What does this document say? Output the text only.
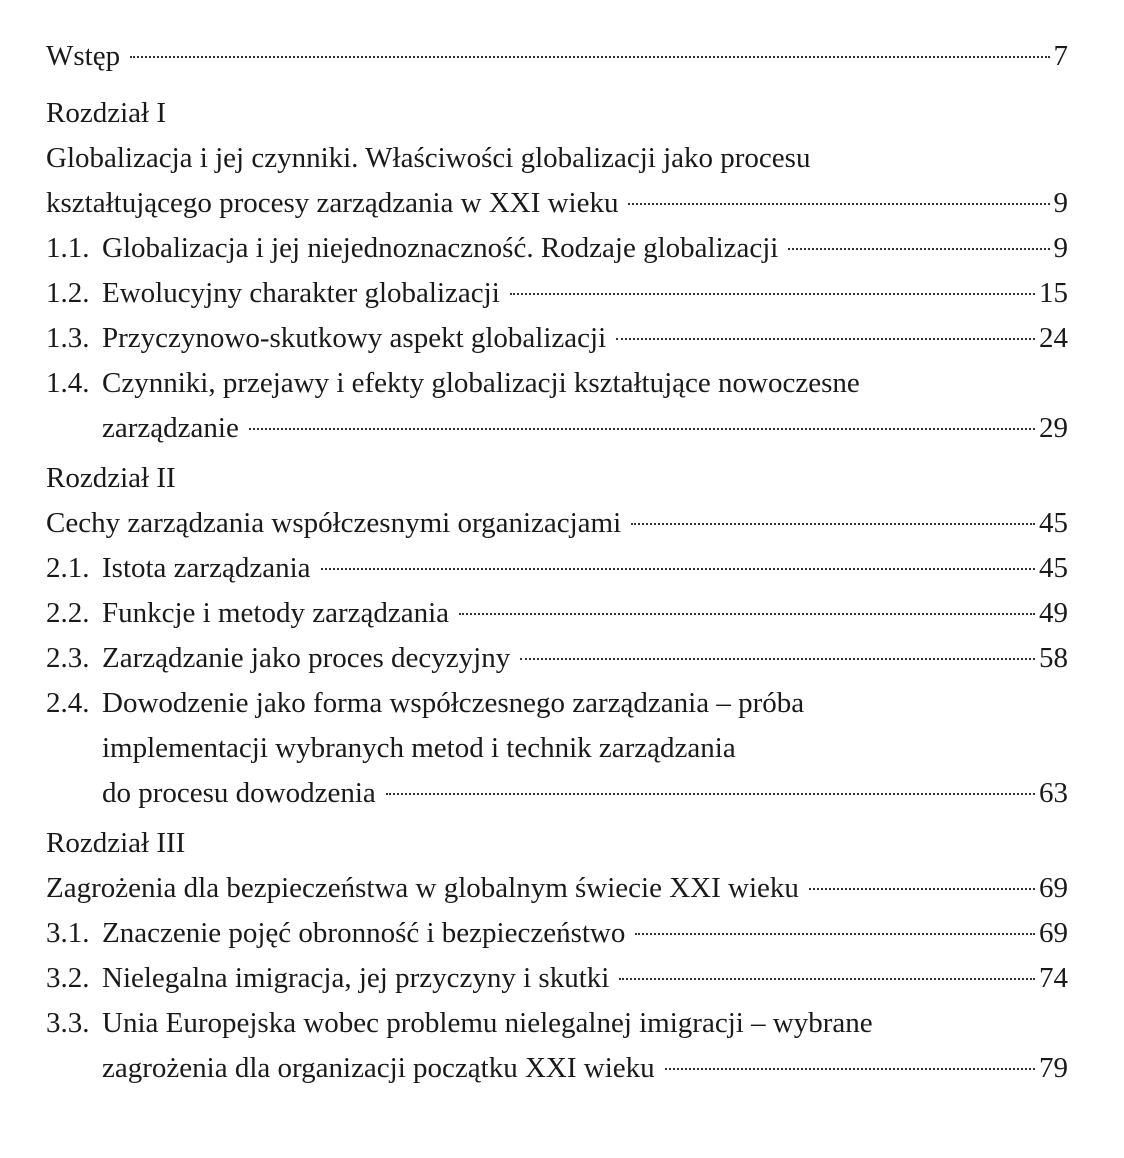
Wstęp	7
Rozdział I
Globalizacja i jej czynniki. Właściwości globalizacji jako procesu
kształtującego procesy zarządzania w XXI wieku	9
1.1. Globalizacja i jej niejednoznaczność. Rodzaje globalizacji	9
1.2. Ewolucyjny charakter globalizacji	15
1.3. Przyczynowo-skutkowy aspekt globalizacji	24
1.4. Czynniki, przejawy i efekty globalizacji kształtujące nowoczesne
zarządzanie	29
Rozdział II
Cechy zarządzania współczesnymi organizacjami	45
2.1. Istota zarządzania	45
2.2. Funkcje i metody zarządzania	49
2.3. Zarządzanie jako proces decyzyjny	58
2.4. Dowodzenie jako forma współczesnego zarządzania – próba
implementacji wybranych metod i technik zarządzania
do procesu dowodzenia	63
Rozdział III
Zagrożenia dla bezpieczeństwa w globalnym świecie XXI wieku	69
3.1. Znaczenie pojęć obronność i bezpieczeństwo	69
3.2. Nielegalna imigracja, jej przyczyny i skutki	74
3.3. Unia Europejska wobec problemu nielegalnej imigracji – wybrane
zagrożenia dla organizacji początku XXI wieku	79
